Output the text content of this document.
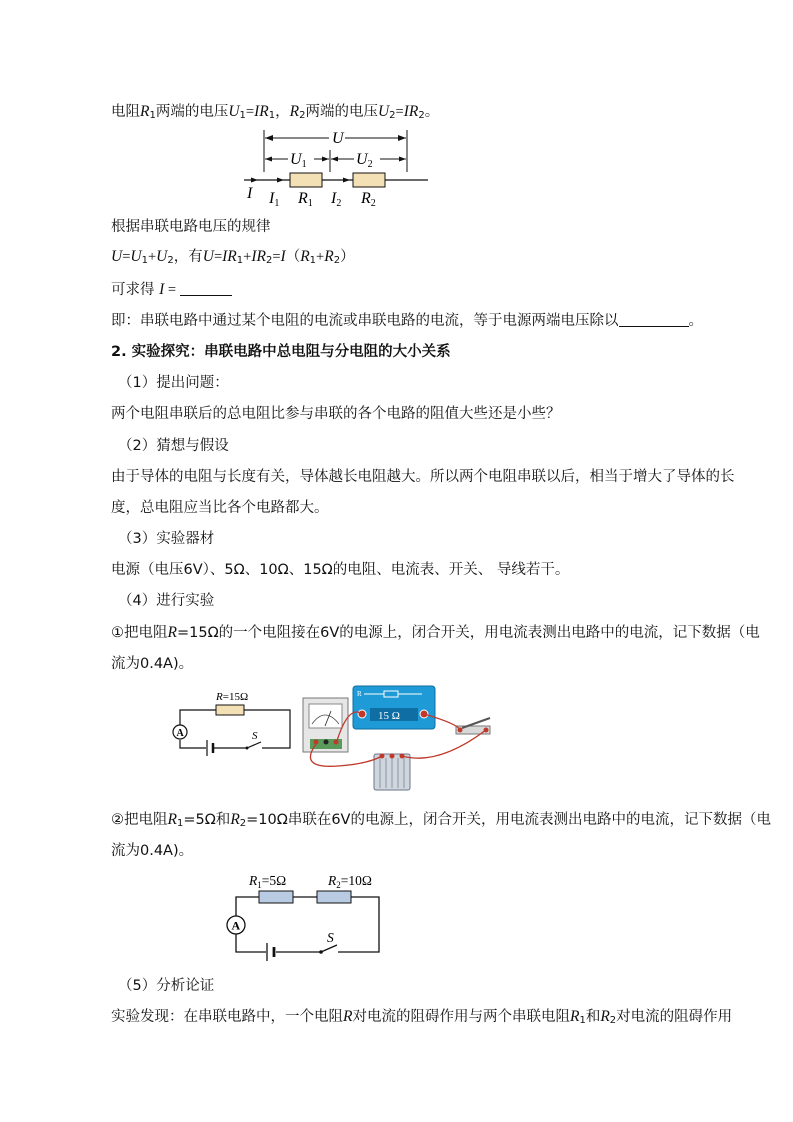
电阻$R_1$两端的电压$U_1=IR_1$，$R_2$两端的电压$U_2=IR_2$。
U
U1	U2
I I1 R1 I2 R2
根据串联电路电压的规律
$U=U_1+U_2$，有$U=IR_1+IR_2=I(R_1+R_2)$
可求得 I =
即：串联电路中通过某个电阻的电流或串联电路的电流，等于电源两端电压除以	。
2. 实验探究：串联电路中总电阻与分电阻的大小关系
（1）提出问题：
两个电阻串联后的总电阻比参与串联的各个电路的阻值大些还是小些？
（2）猜想与假设
由于导体的电阻与长度有关，导体越长电阻越大。所以两个电阻串联以后，相当于增大了导体的长
度，总电阻应当比各个电路都大。
（3）实验器材
电源（电压6V）、5Ω、10Ω、15Ω的电阻、电流表、开关、 导线若干。
（4）进行实验
①把电阻R=15Ω的一个电阻接在6V的电源上，闭合开关，用电流表测出电路中的电流，记下数据（电
流为0.4A)。
R=15Ω
A	S
R
15 Ω
②把电阻$R_1=5\Omega$和$R_2=10\Omega$串联在6V的电源上，闭合开关，用电流表测出电路中的电流，记下数据（电
流为0.4A)。
$R_1=5\Omega$	$R_2=10\Omega$
A
S
（5）分析论证
实验发现：在串联电路中，一个电阻R对电流的阻碍作用与两个串联电阻$R_1$和$R_2$对电流的阻碍作用
